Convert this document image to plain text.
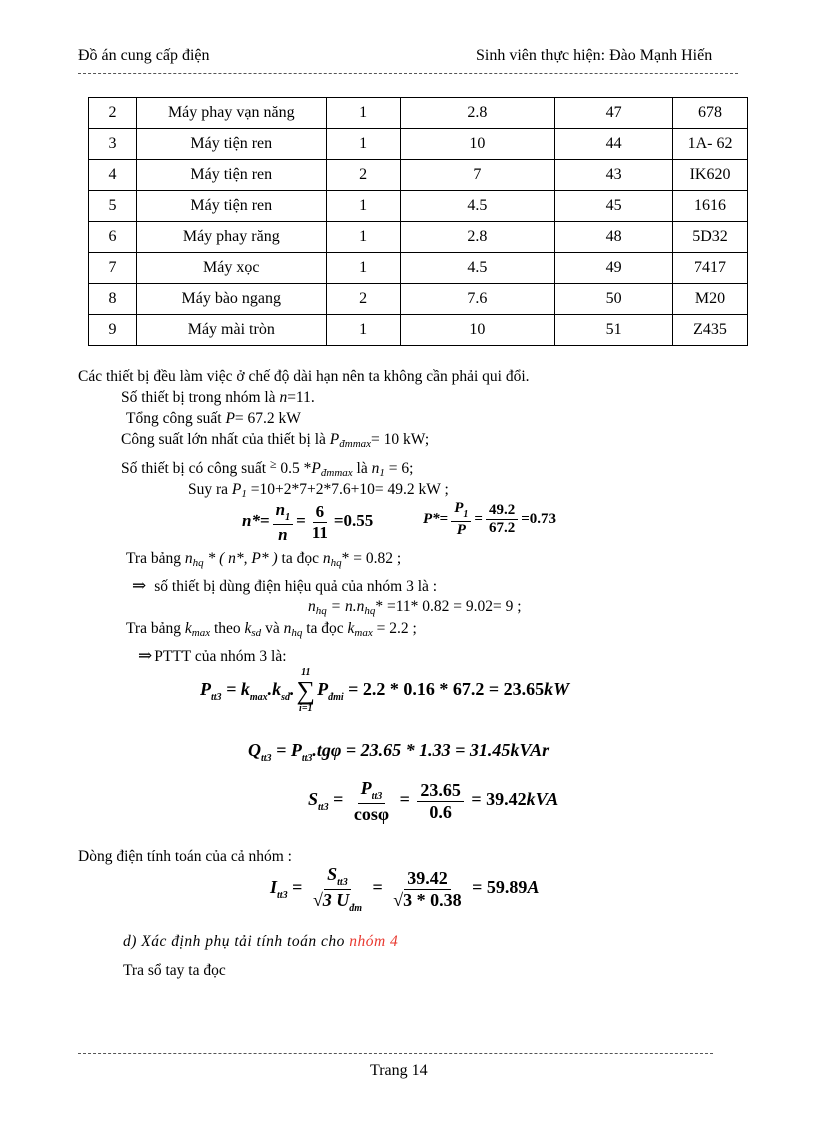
Đồ án cung cấp điện	Sinh viên thực hiện: Đào Mạnh Hiến
2	Máy phay vạn năng	1	2.8	47	678
3	Máy tiện ren	1	10	44	1A- 62
4	Máy tiện ren	2	7	43	IK620
5	Máy tiện ren	1	4.5	45	1616
6	Máy phay răng	1	2.8	48	5D32
7	Máy xọc	1	4.5	49	7417
8	Máy bào ngang	2	7.6	50	M20
9	Máy mài tròn	1	10	51	Z435
Các thiết bị đều làm việc ở chế độ dài hạn nên ta không cần phải qui đổi.
Số thiết bị trong nhóm là n=11.
Tổng công suất P= 67.2 kW
Công suất lớn nhất của thiết bị là $P_{đmmax}= 10$ kW;
Số thiết bị có công suất ≥ 0.5 $*P_{đmmax}$ là $n_1 = 6$;
Suy ra $P_1 =10+2*7+2*7.6+10= 49.2$ kW ;
$n*= \frac{n_1}{n} = \frac{6}{11} =0.55$	$P*= \frac{P_1}{P} = \frac{49.2}{67.2} =0.73$
Tra bảng $n_{hq}$ * ( n*, P* ) ta đọc $n_{hq}* = 0.82$ ;
⇒ số thiết bị dùng điện hiệu quả của nhóm 3 là :
$n_{hq} = n.n_{hq}* =11*$ 0.82 = 9.02= 9 ;
Tra bảng $k_{max}$ theo $k_{sd}$ và $n_{hq}$ ta đọc $k_{max} = 2.2$ ;
⇒ PTTT của nhóm 3 là:
$P_{tt3} = k_{max}.k_{sd}$.
11
∑
i=1
$P_{đmi} = 2.2 * 0.16 * 67.2 = 23.65kW$
$Q_{tt3} = P_{tt3}.tg\varphi = 23.65 * 1.33$ = 31.45kVAr
$S_{tt3} = \frac{P_{tt3}}{\cos\varphi} = \frac{23.65}{0.6} = 39.42kVA$
Dòng điện tính toán của cả nhóm :
$I_{tt3} = \frac{S_{tt3}}{√3 U_{đm}} = \frac{39.42}{√3 * 0.38} = 59.89A$
d) Xác định phụ tải tính toán cho nhóm 4
Tra sổ tay ta đọc
Trang 14
